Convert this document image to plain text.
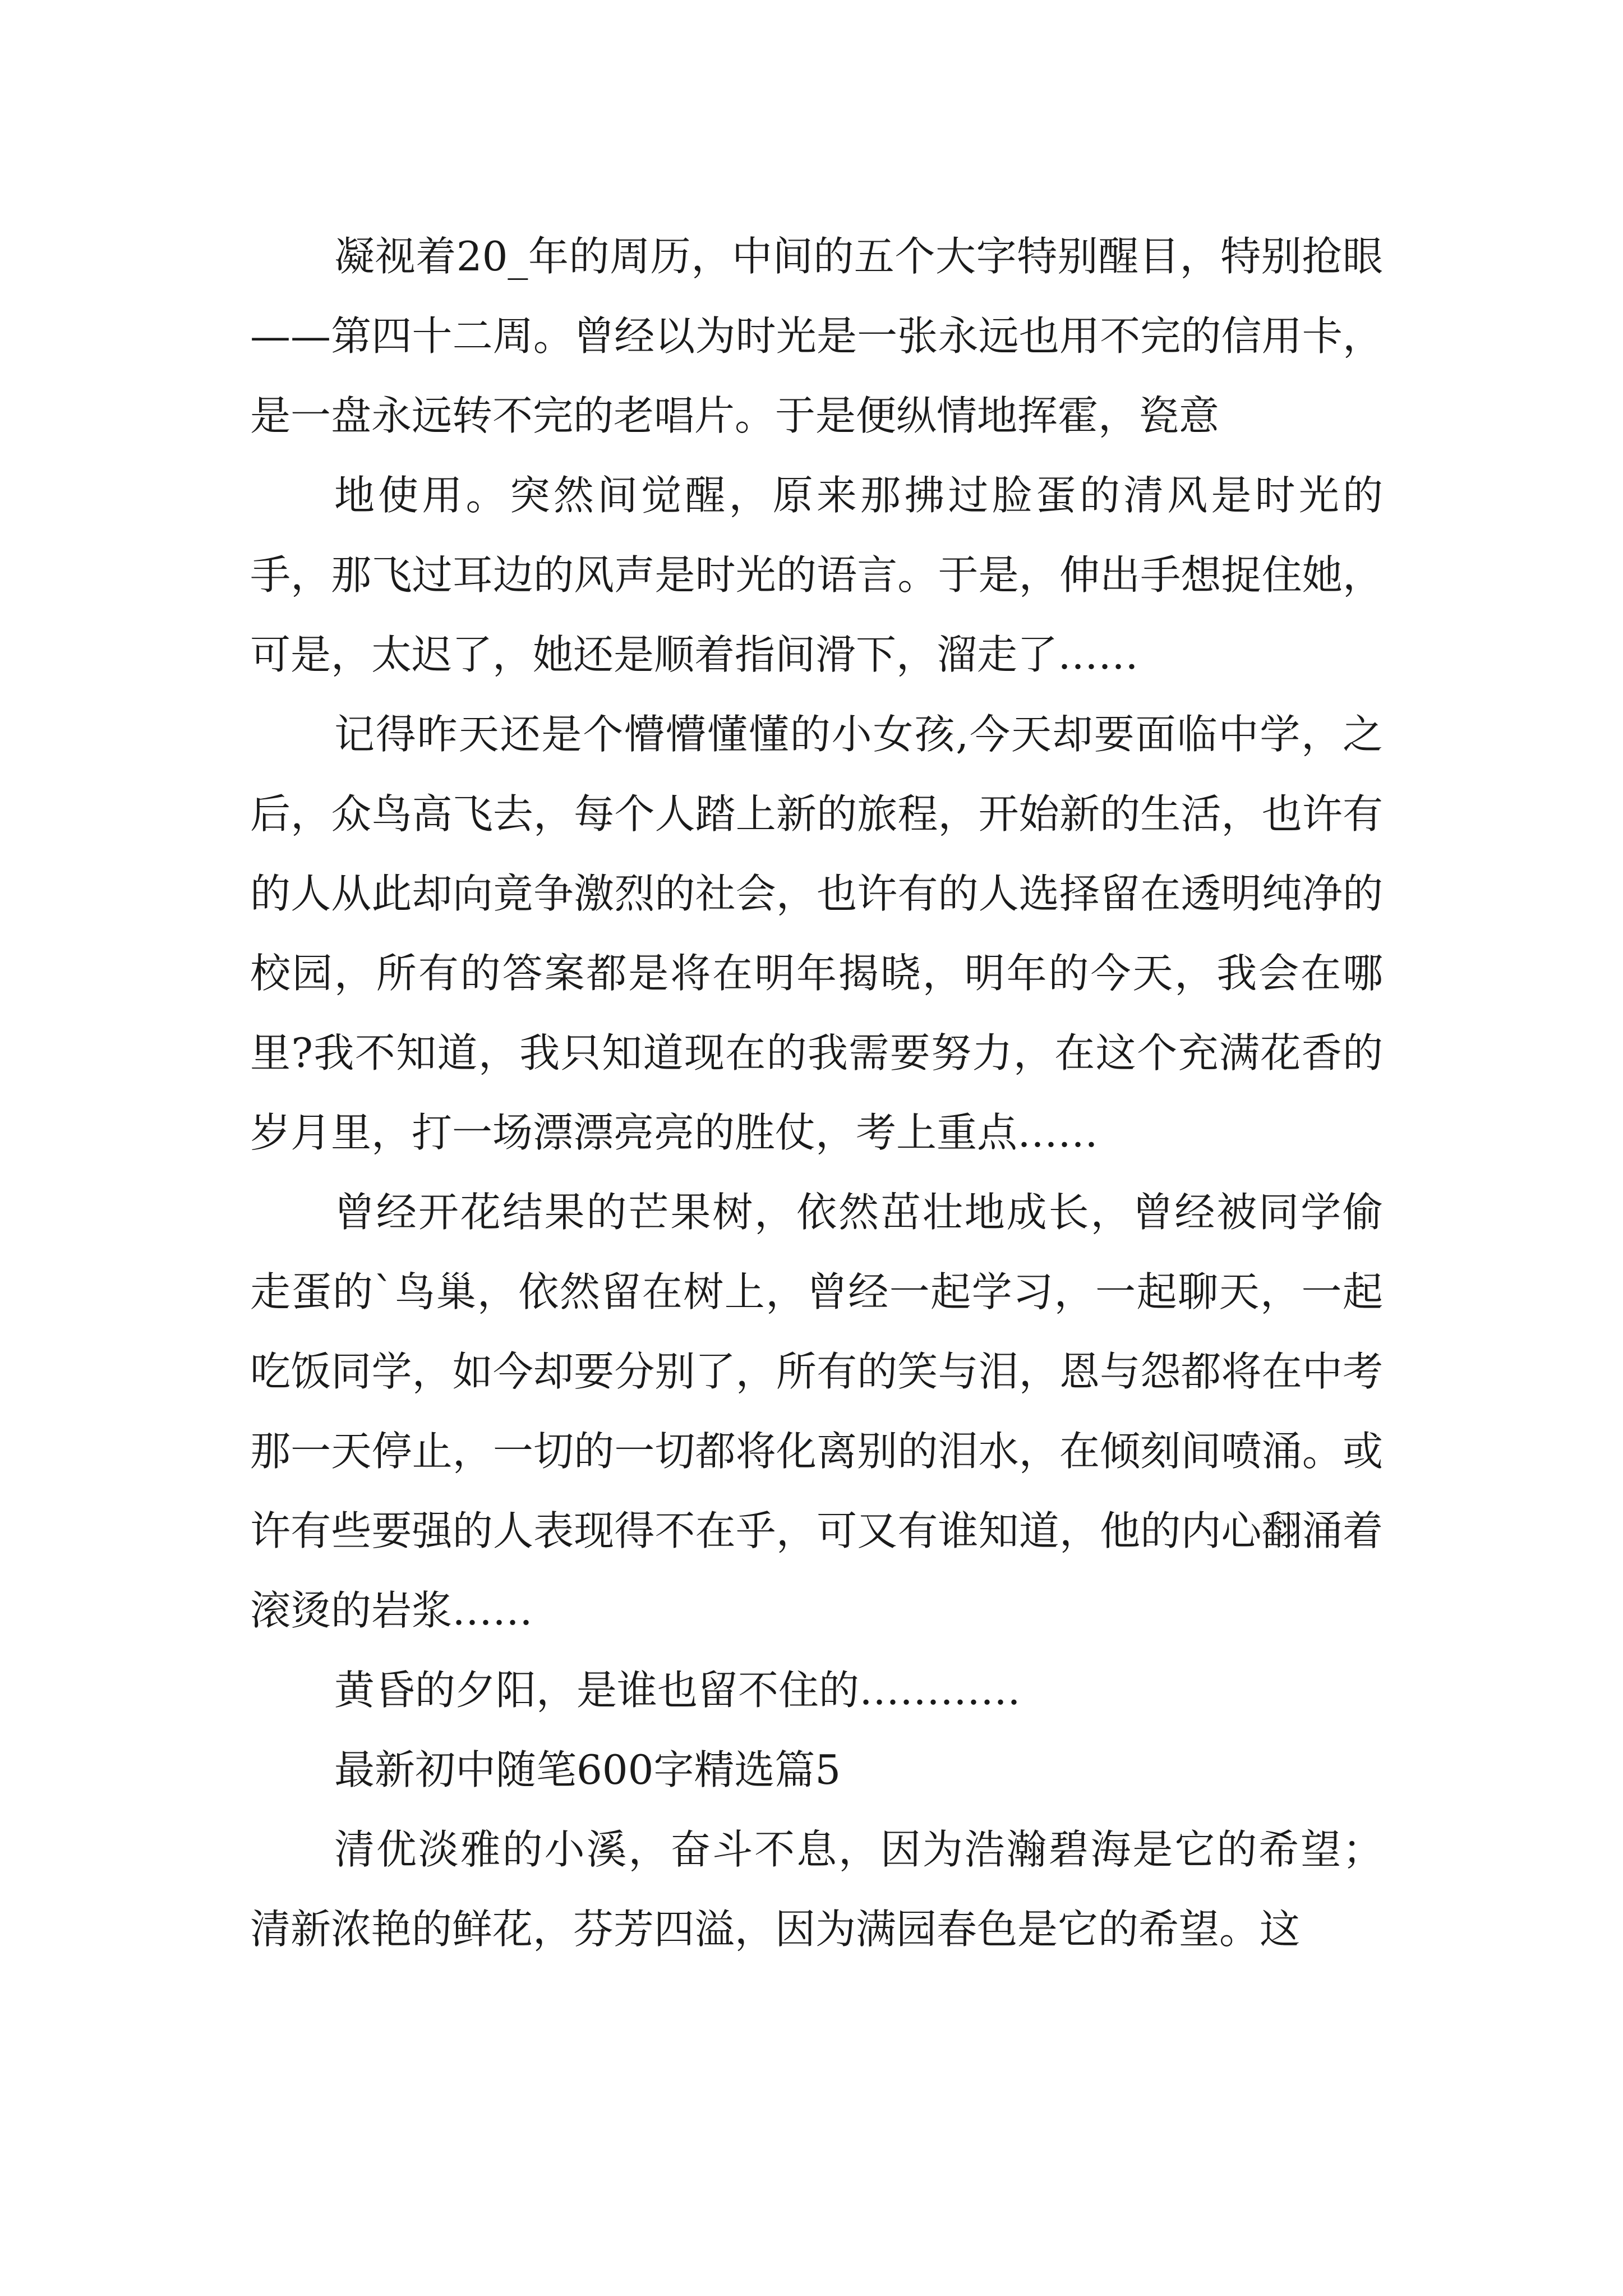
凝视着20_年的周历，中间的五个大字特别醒目，特别抢眼——第四十二周。曾经以为时光是一张永远也用不完的信用卡，是一盘永远转不完的老唱片。于是便纵情地挥霍，瓷意

地使用。突然间觉醒，原来那拂过脸蛋的清风是时光的手，那飞过耳边的风声是时光的语言。于是，伸出手想捉住她，可是，太迟了，她还是顺着指间滑下，溜走了……

记得昨天还是个懵懵懂懂的小女孩,今天却要面临中学，之后，众鸟高飞去，每个人踏上新的旅程，开始新的生活，也许有的人从此却向竟争激烈的社会，也许有的人选择留在透明纯净的校园，所有的答案都是将在明年揭晓，明年的今天，我会在哪里?我不知道，我只知道现在的我需要努力，在这个充满花香的岁月里，打一场漂漂亮亮的胜仗，考上重点……

曾经开花结果的芒果树，依然茁壮地成长，曾经被同学偷走蛋的`鸟巢，依然留在树上，曾经一起学习，一起聊天，一起吃饭同学，如今却要分别了，所有的笑与泪，恩与怨都将在中考那一天停止，一切的一切都将化离别的泪水，在倾刻间喷涌。或许有些要强的人表现得不在乎，可又有谁知道，他的内心翻涌着滚烫的岩浆……

黄昏的夕阳，是谁也留不住的…………

最新初中随笔600字精选篇5

清优淡雅的小溪，奋斗不息，因为浩瀚碧海是它的希望；清新浓艳的鲜花，芬芳四溢，因为满园春色是它的希望。这
